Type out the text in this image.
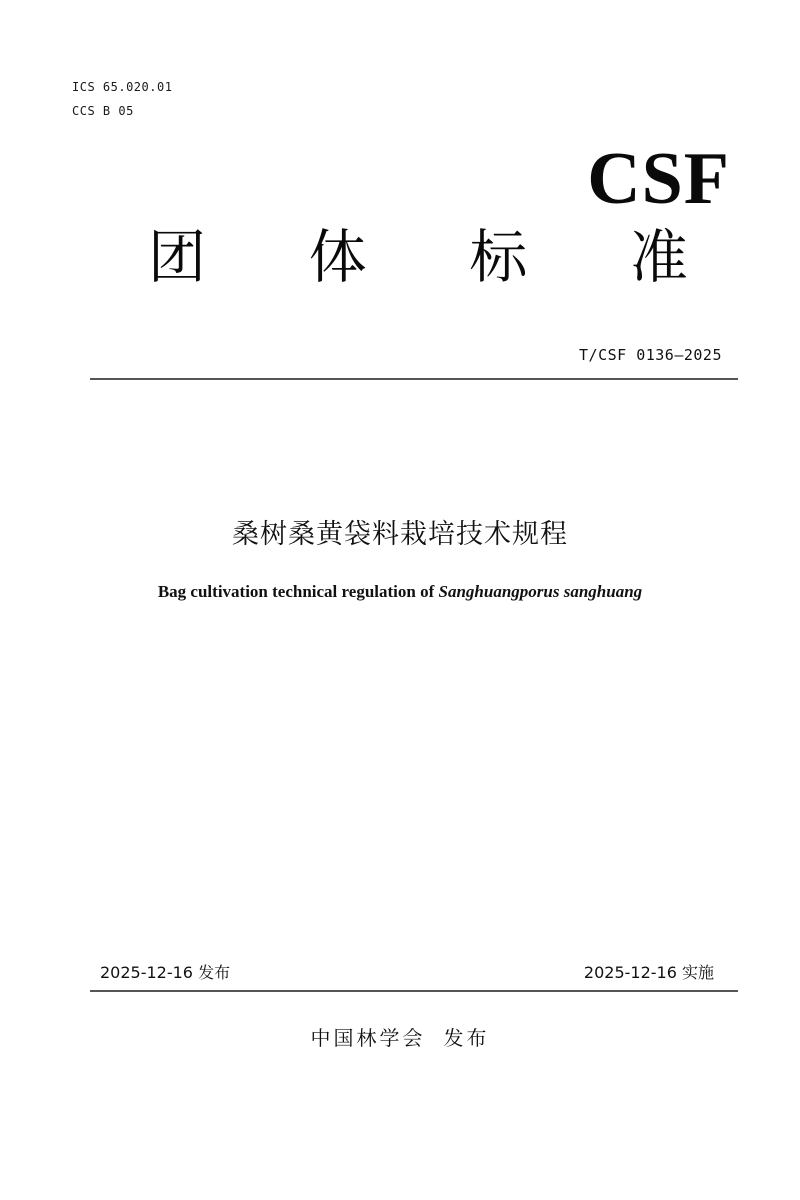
ICS 65.020.01
CCS B 05
CSF
团 体 标 准
T/CSF 0136—2025
桑树桑黄袋料栽培技术规程
Bag cultivation technical regulation of Sanghuangporus sanghuang
2025-12-16 发布	2025-12-16 实施
中国林学会 发布
